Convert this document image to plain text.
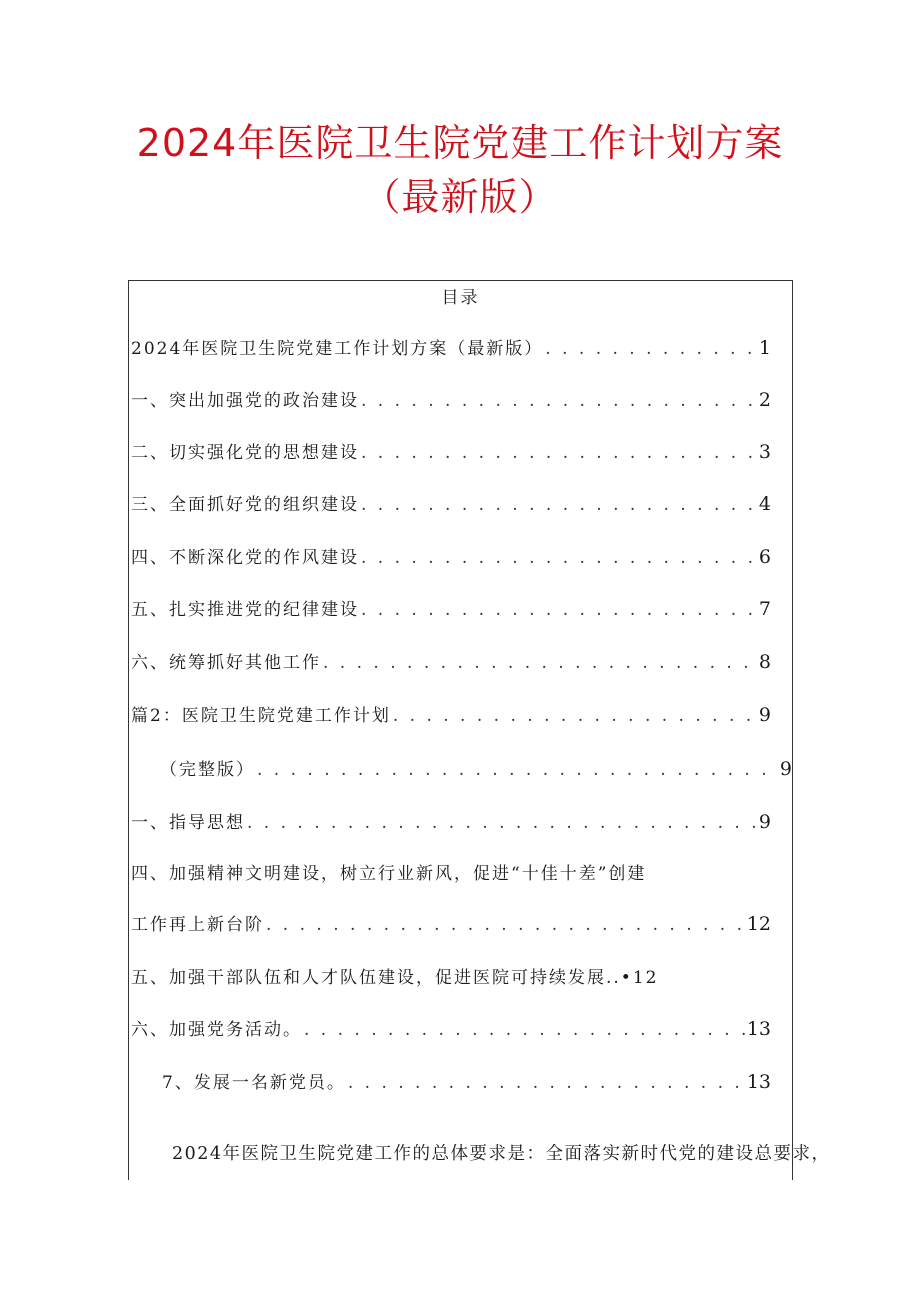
2024年医院卫生院党建工作计划方案
（最新版）
目录
2024年医院卫生院党建工作计划方案（最新版） . . .	1
一、突出加强党的政治建设 . . .	2
二、切实强化党的思想建设 . . .	3
三、全面抓好党的组织建设 . . .	4
四、不断深化党的作风建设 . . .	6
五、扎实推进党的纪律建设 . . .	7
六、统筹抓好其他工作 . . .	8
篇2：医院卫生院党建工作计划 . . .	9
（完整版） . . .	9
一、指导思想 . . .	9
四、加强精神文明建设，树立行业新风，促进“十佳十差”创建
工作再上新台阶 . . .	12
五、加强干部队伍和人才队伍建设，促进医院可持续发展..•12
六、加强党务活动。 . . .	13
7、发展一名新党员。 . . .	13
2024年医院卫生院党建工作的总体要求是：全面落实新时代党的建设总要求，
